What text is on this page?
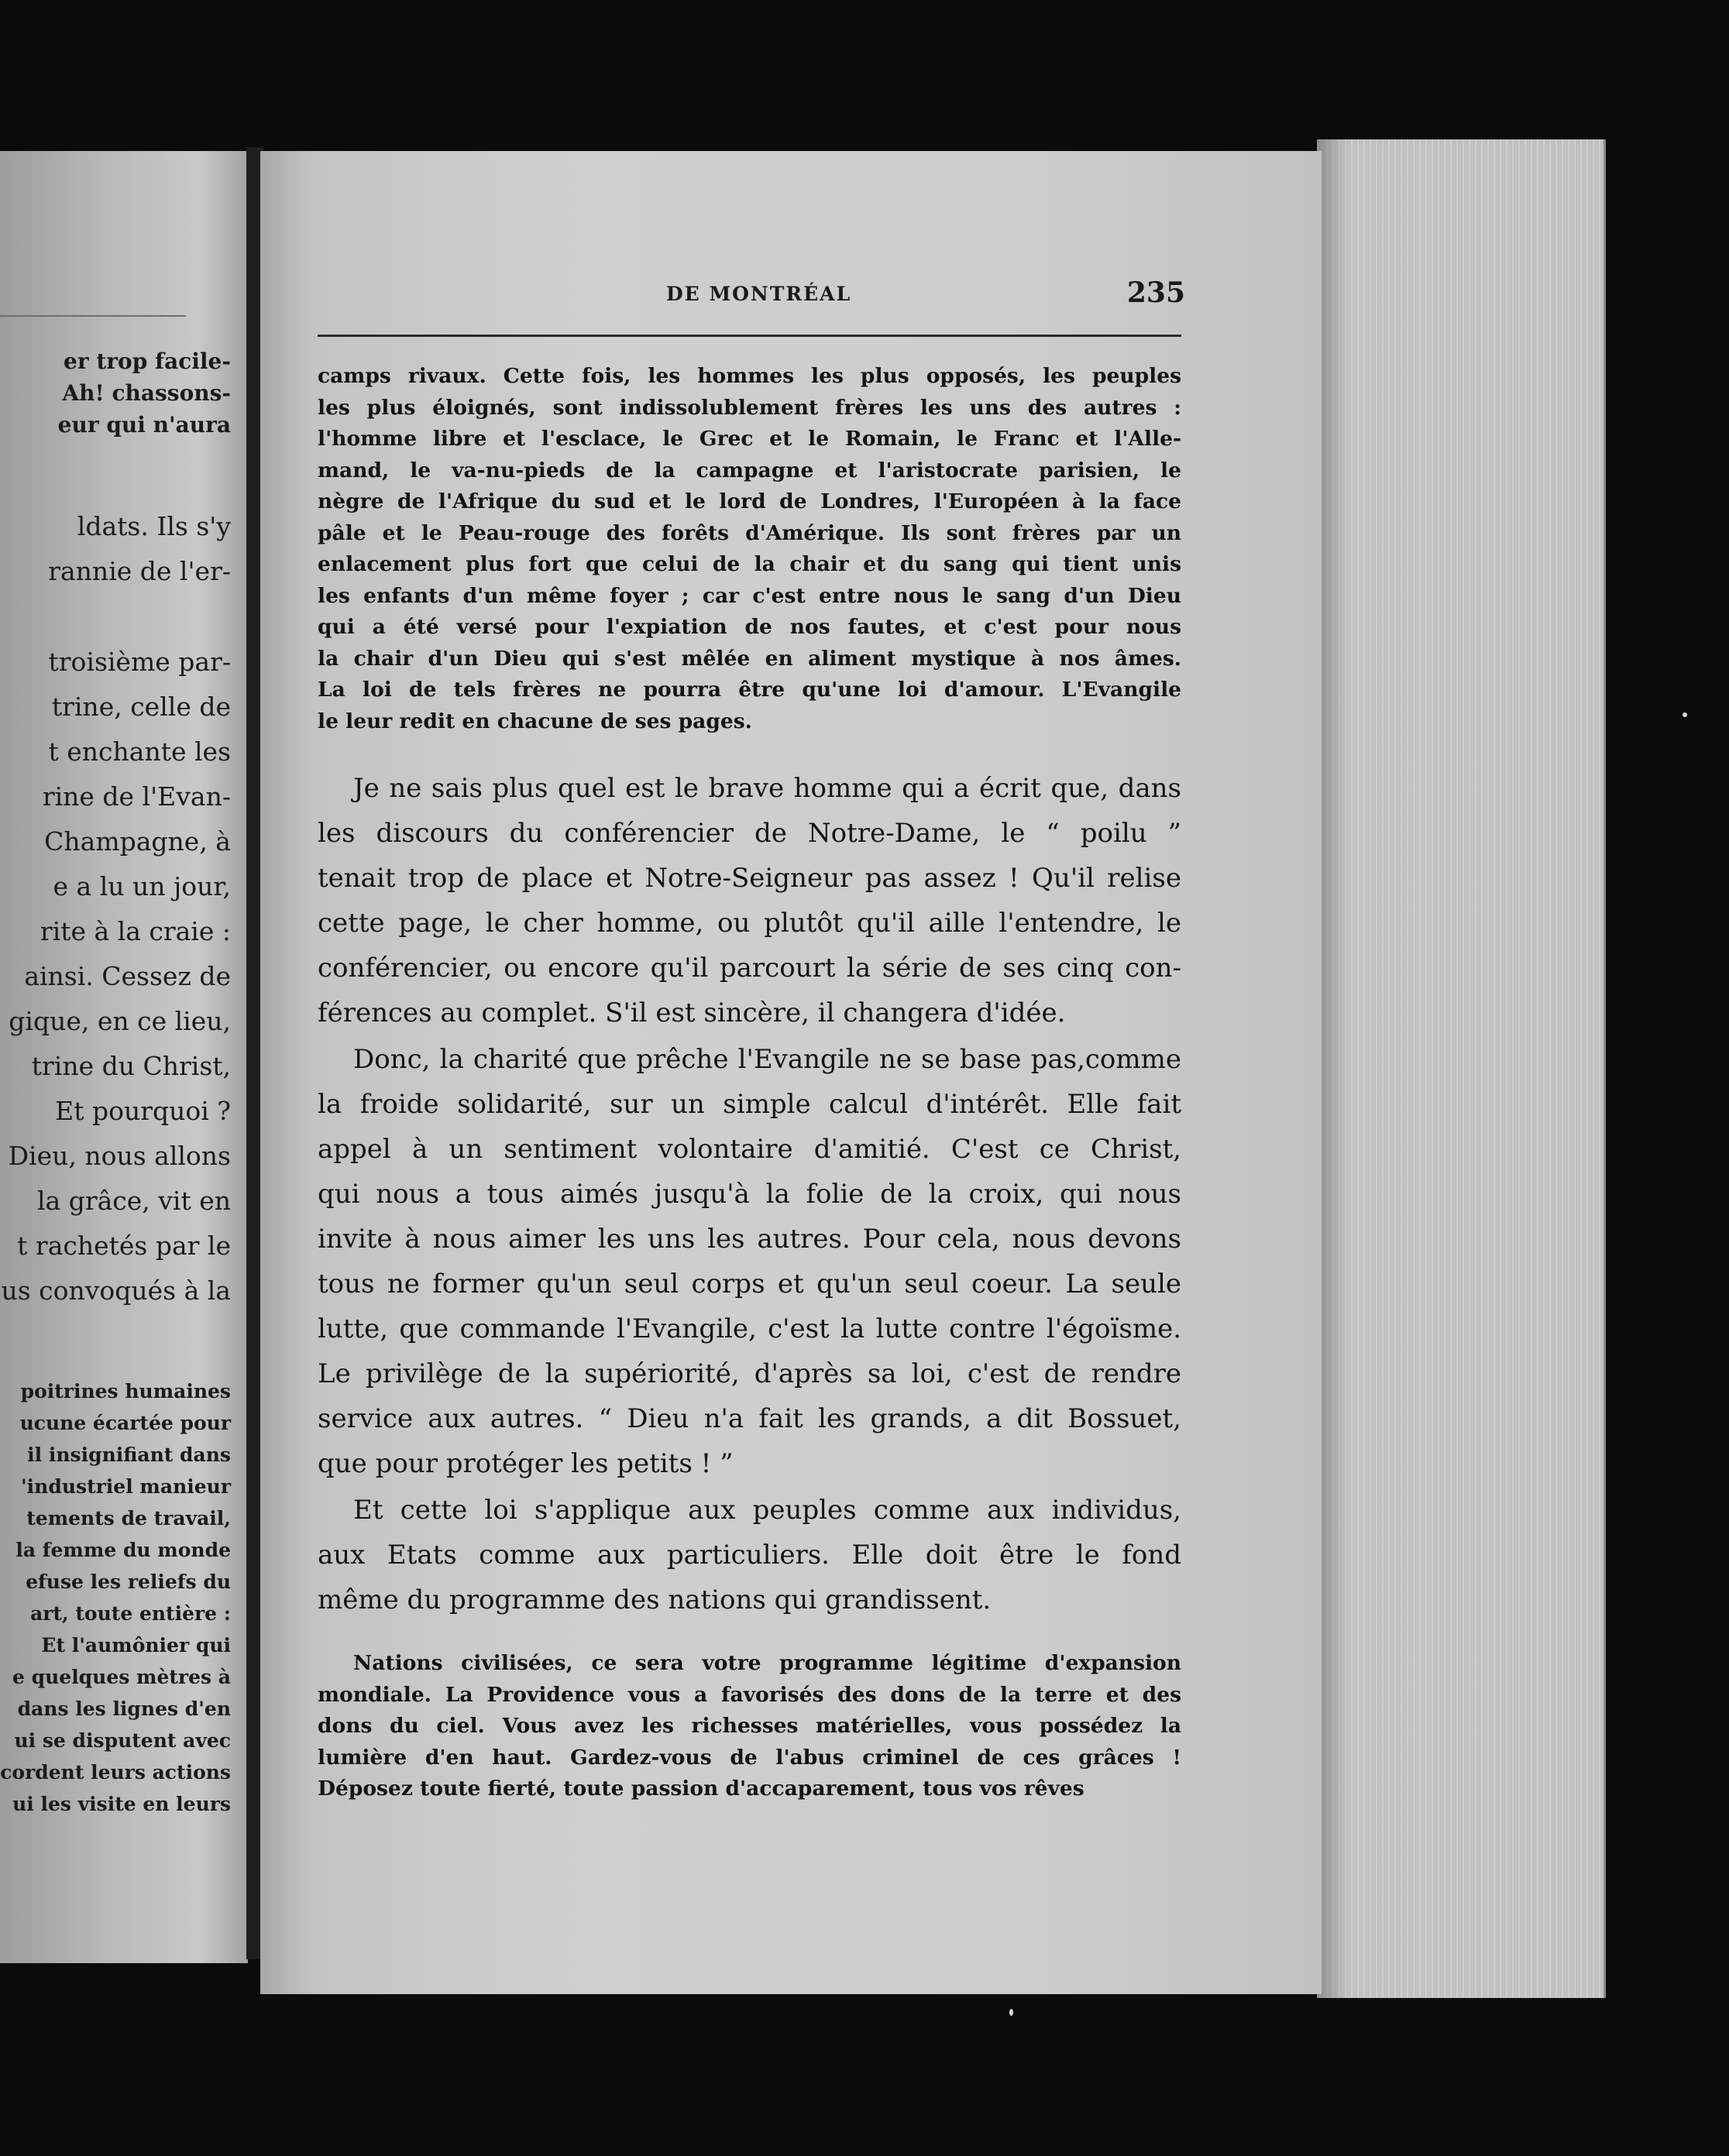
er trop facile-
Ah! chassons-
eur qui n'aura
ldats. Ils s'y
rannie de l'er-
troisième par-
trine, celle de
t enchante les
rine de l'Evan-
Champagne, à
e a lu un jour,
rite à la craie :
ainsi. Cessez de
gique, en ce lieu,
trine du Christ,
Et pourquoi ?
Dieu, nous allons
la grâce, vit en
t rachetés par le
us convoqués à la
poitrines humaines
ucune écartée pour
il insignifiant dans
'industriel manieur
tements de travail,
la femme du monde
efuse les reliefs du
art, toute entière :
Et l'aumônier qui
e quelques mètres à
dans les lignes d'en
ui se disputent avec
cordent leurs actions
ui les visite en leurs
DE MONTRÉAL	235
camps rivaux. Cette fois, les hommes les plus opposés, les peuples
les plus éloignés, sont indissolublement frères les uns des autres :
l'homme libre et l'esclace, le Grec et le Romain, le Franc et l'Alle-
mand, le va-nu-pieds de la campagne et l'aristocrate parisien, le
nègre de l'Afrique du sud et le lord de Londres, l'Européen à la face
pâle et le Peau-rouge des forêts d'Amérique. Ils sont frères par un
enlacement plus fort que celui de la chair et du sang qui tient unis
les enfants d'un même foyer ; car c'est entre nous le sang d'un Dieu
qui a été versé pour l'expiation de nos fautes, et c'est pour nous
la chair d'un Dieu qui s'est mêlée en aliment mystique à nos âmes.
La loi de tels frères ne pourra être qu'une loi d'amour. L'Evangile
le leur redit en chacune de ses pages.
Je ne sais plus quel est le brave homme qui a écrit que, dans
les discours du conférencier de Notre-Dame, le “ poilu ”
tenait trop de place et Notre-Seigneur pas assez ! Qu'il relise
cette page, le cher homme, ou plutôt qu'il aille l'entendre, le
conférencier, ou encore qu'il parcourt la série de ses cinq con-
férences au complet. S'il est sincère, il changera d'idée.
Donc, la charité que prêche l'Evangile ne se base pas,comme
la froide solidarité, sur un simple calcul d'intérêt. Elle fait
appel à un sentiment volontaire d'amitié. C'est ce Christ,
qui nous a tous aimés jusqu'à la folie de la croix, qui nous
invite à nous aimer les uns les autres. Pour cela, nous devons
tous ne former qu'un seul corps et qu'un seul coeur. La seule
lutte, que commande l'Evangile, c'est la lutte contre l'égoïsme.
Le privilège de la supériorité, d'après sa loi, c'est de rendre
service aux autres. “ Dieu n'a fait les grands, a dit Bossuet,
que pour protéger les petits ! ”
Et cette loi s'applique aux peuples comme aux individus,
aux Etats comme aux particuliers. Elle doit être le fond
même du programme des nations qui grandissent.
Nations civilisées, ce sera votre programme légitime d'expansion
mondiale. La Providence vous a favorisés des dons de la terre et des
dons du ciel. Vous avez les richesses matérielles, vous possédez la
lumière d'en haut. Gardez-vous de l'abus criminel de ces grâces !
Déposez toute fierté, toute passion d'accaparement, tous vos rêves
